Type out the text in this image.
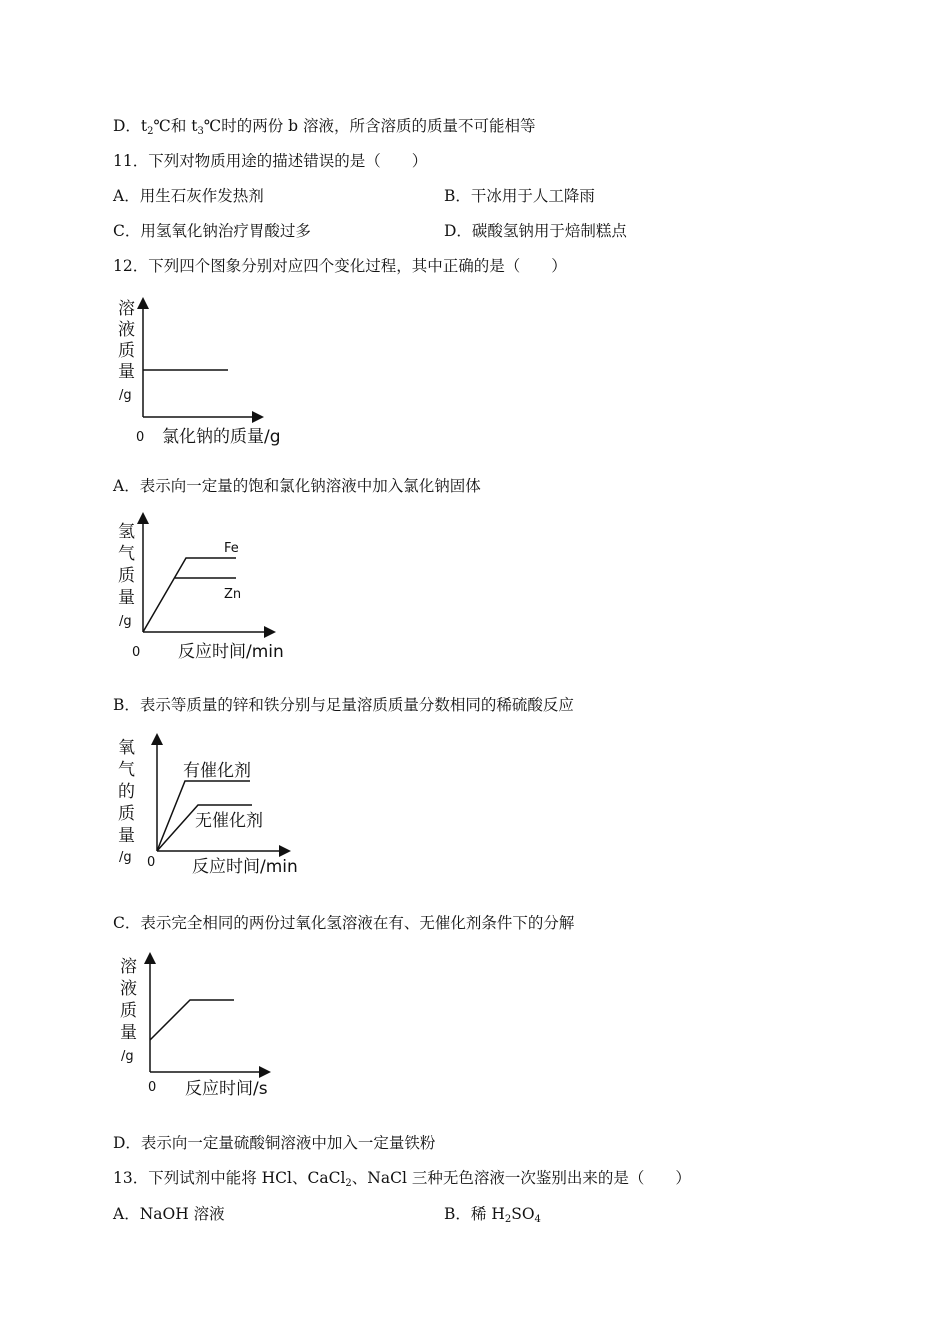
D．$t_2℃$和 $t_3℃$时的两份 b 溶液，所含溶质的质量不可能相等
11．下列对物质用途的描述错误的是（　　）
A．用生石灰作发热剂	B．干冰用于人工降雨
C．用氢氧化钠治疗胃酸过多	D．碳酸氢钠用于焙制糕点
12．下列四个图象分别对应四个变化过程，其中正确的是（　　）
溶
液
质
量
/g
0 氯化钠的质量/g
A．表示向一定量的饱和氯化钠溶液中加入氯化钠固体
Fe
Zn
氢
气
质
量
/g
0 反应时间/min
B．表示等质量的锌和铁分别与足量溶质质量分数相同的稀硫酸反应
有催化剂
无催化剂
氧
气
的
质
量
/g 0 反应时间/min
C．表示完全相同的两份过氧化氢溶液在有、无催化剂条件下的分解
溶
液
质
量
/g
0 反应时间/s
D．表示向一定量硫酸铜溶液中加入一定量铁粉
13．下列试剂中能将 HCl、CaCl$_2$、NaCl 三种无色溶液一次鉴别出来的是（　　）
A．NaOH 溶液	B．稀 $H_2SO_4$
